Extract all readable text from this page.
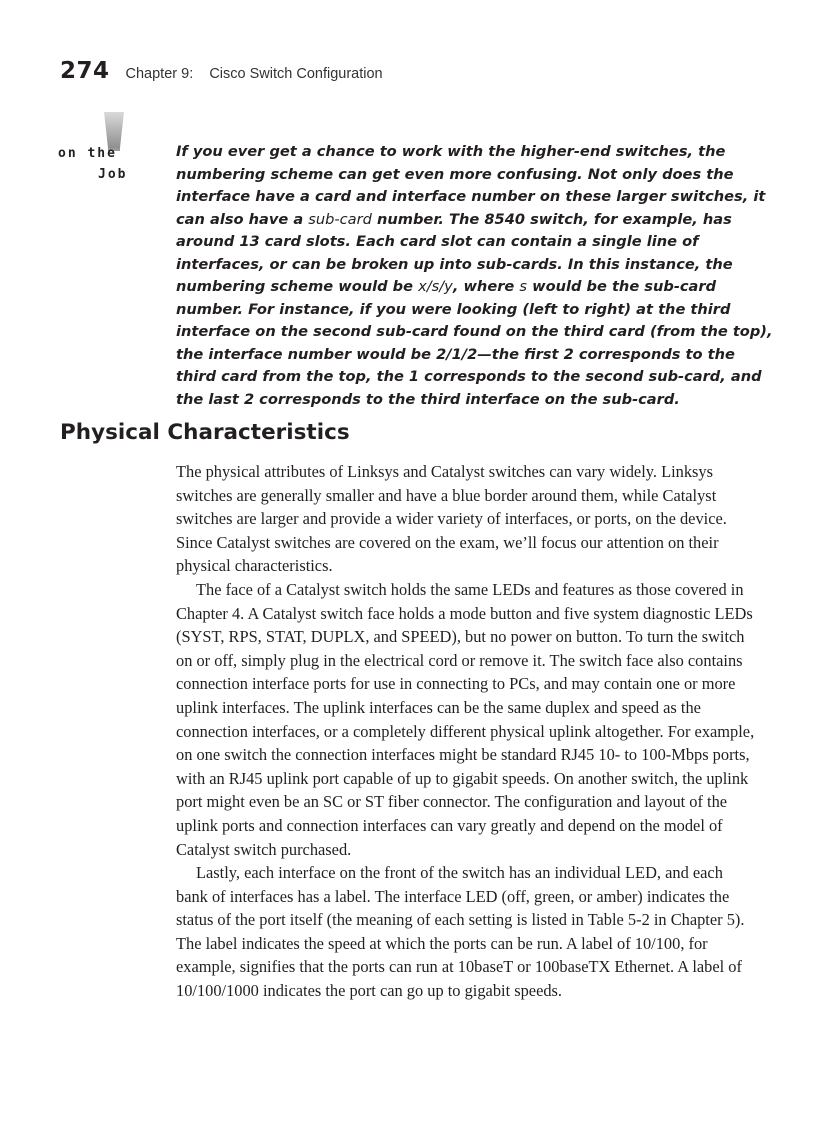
274 Chapter 9:    Cisco Switch Configuration
on the
Job

If you ever get a chance to work with the higher-end switches, the numbering scheme can get even more confusing. Not only does the interface have a card and interface number on these larger switches, it can also have a sub-card number. The 8540 switch, for example, has around 13 card slots. Each card slot can contain a single line of interfaces, or can be broken up into sub-cards. In this instance, the numbering scheme would be x/s/y, where s would be the sub-card number. For instance, if you were looking (left to right) at the third interface on the second sub-card found on the third card (from the top), the interface number would be 2/1/2—the first 2 corresponds to the third card from the top, the 1 corresponds to the second sub-card, and the last 2 corresponds to the third interface on the sub-card.

Physical Characteristics

The physical attributes of Linksys and Catalyst switches can vary widely. Linksys switches are generally smaller and have a blue border around them, while Catalyst switches are larger and provide a wider variety of interfaces, or ports, on the device. Since Catalyst switches are covered on the exam, we’ll focus our attention on their physical characteristics.

The face of a Catalyst switch holds the same LEDs and features as those covered in Chapter 4. A Catalyst switch face holds a mode button and five system diagnostic LEDs (SYST, RPS, STAT, DUPLX, and SPEED), but no power on button. To turn the switch on or off, simply plug in the electrical cord or remove it. The switch face also contains connection interface ports for use in connecting to PCs, and may contain one or more uplink interfaces. The uplink interfaces can be the same duplex and speed as the connection interfaces, or a completely different physical uplink altogether. For example, on one switch the connection interfaces might be standard RJ45 10- to 100-Mbps ports, with an RJ45 uplink port capable of up to gigabit speeds. On another switch, the uplink port might even be an SC or ST fiber connector. The configuration and layout of the uplink ports and connection interfaces can vary greatly and depend on the model of Catalyst switch purchased.

Lastly, each interface on the front of the switch has an individual LED, and each bank of interfaces has a label. The interface LED (off, green, or amber) indicates the status of the port itself (the meaning of each setting is listed in Table 5-2 in Chapter 5). The label indicates the speed at which the ports can be run. A label of 10/100, for example, signifies that the ports can run at 10baseT or 100baseTX Ethernet. A label of 10/100/1000 indicates the port can go up to gigabit speeds.
